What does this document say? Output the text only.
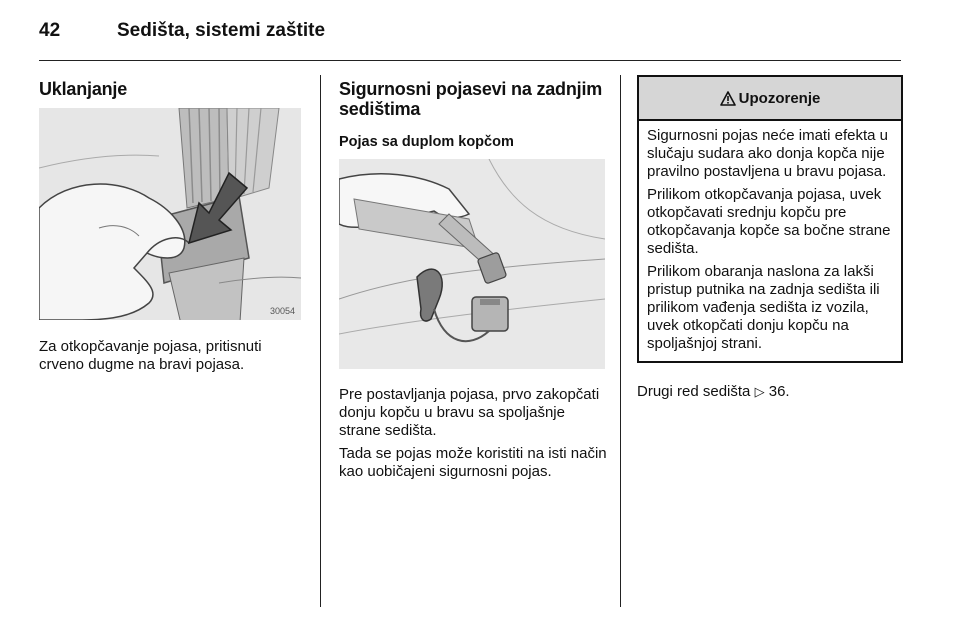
42	Sedišta, sistemi zaštite
Uklanjanje
30054

Za otkopčavanje pojasa, pritisnuti crveno dugme na bravi pojasa.

Sigurnosni pojasevi na zadnjim sedištima
Pojas sa duplom kopčom

Pre postavljanja pojasa, prvo zakopčati donju kopču u bravu sa spoljašnje strane sedišta.

Tada se pojas može koristiti na isti način kao uobičajeni sigurnosni pojas.

Upozorenje

Sigurnosni pojas neće imati efekta u slučaju sudara ako donja kopča nije pravilno postavljena u bravu pojasa.

Prilikom otkopčavanja pojasa, uvek otkopčavati srednju kopču pre otkopčavanja kopče sa bočne strane sedišta.

Prilikom obaranja naslona za lakši pristup putnika na zadnja sedišta ili prilikom vađenja sedišta iz vozila, uvek otkopčati donju kopču na spoljašnjoj strani.

Drugi red sedišta ▷ 36.
